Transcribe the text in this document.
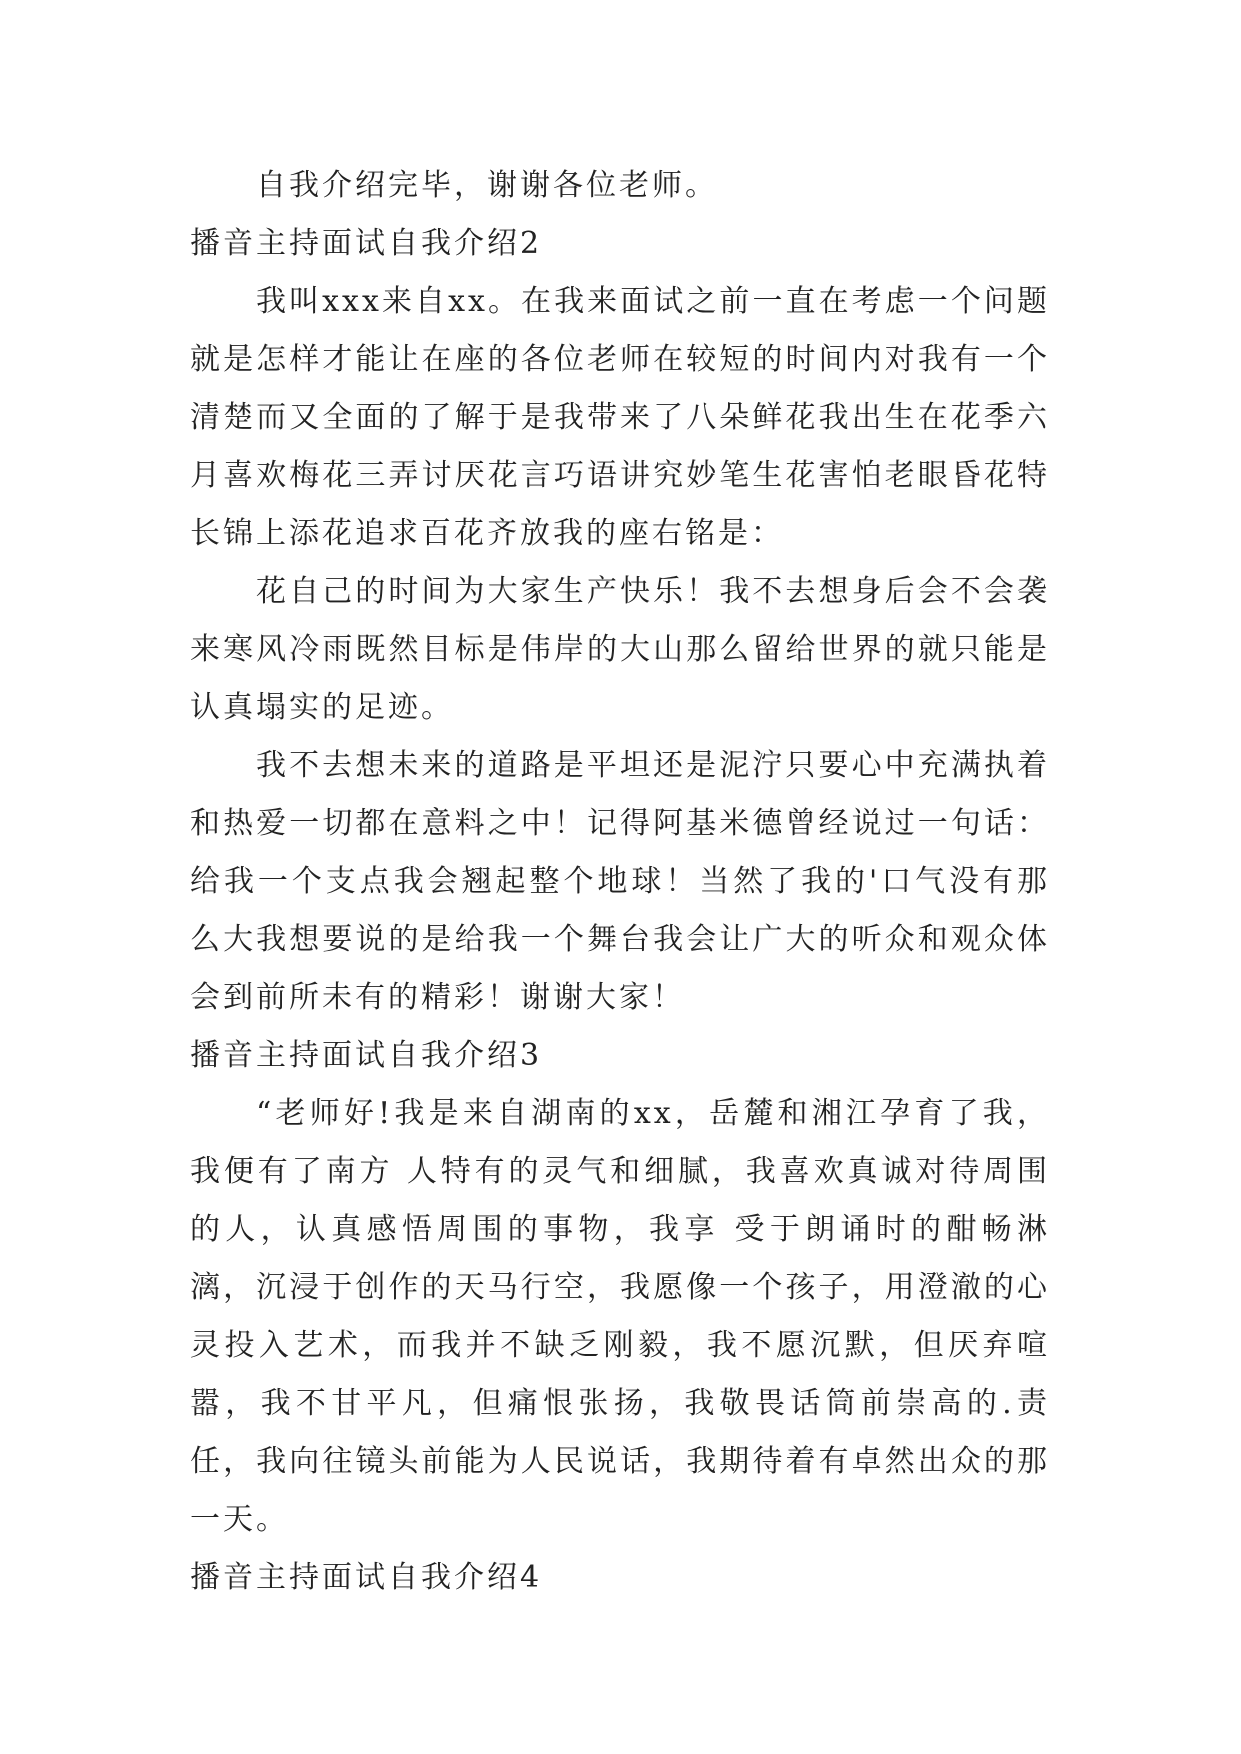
自我介绍完毕，谢谢各位老师。

播音主持面试自我介绍2

我叫xxx来自xx。在我来面试之前一直在考虑一个问题就是怎样才能让在座的各位老师在较短的时间内对我有一个清楚而又全面的了解于是我带来了八朵鲜花我出生在花季六月喜欢梅花三弄讨厌花言巧语讲究妙笔生花害怕老眼昏花特长锦上添花追求百花齐放我的座右铭是：

花自己的时间为大家生产快乐！我不去想身后会不会袭来寒风冷雨既然目标是伟岸的大山那么留给世界的就只能是认真塌实的足迹。

我不去想未来的道路是平坦还是泥泞只要心中充满执着和热爱一切都在意料之中！记得阿基米德曾经说过一句话：给我一个支点我会翘起整个地球！当然了我的'口气没有那么大我想要说的是给我一个舞台我会让广大的听众和观众体会到前所未有的精彩！谢谢大家！

播音主持面试自我介绍3

“老师好!我是来自湖南的xx，岳麓和湘江孕育了我，我便有了南方 人特有的灵气和细腻，我喜欢真诚对待周围的人，认真感悟周围的事物，我享 受于朗诵时的酣畅淋漓，沉浸于创作的天马行空，我愿像一个孩子，用澄澈的心灵投入艺术，而我并不缺乏刚毅，我不愿沉默，但厌弃喧嚣，我不甘平凡，但痛恨张扬，我敬畏话筒前崇高的.责任，我向往镜头前能为人民说话，我期待着有卓然出众的那一天。

播音主持面试自我介绍4
